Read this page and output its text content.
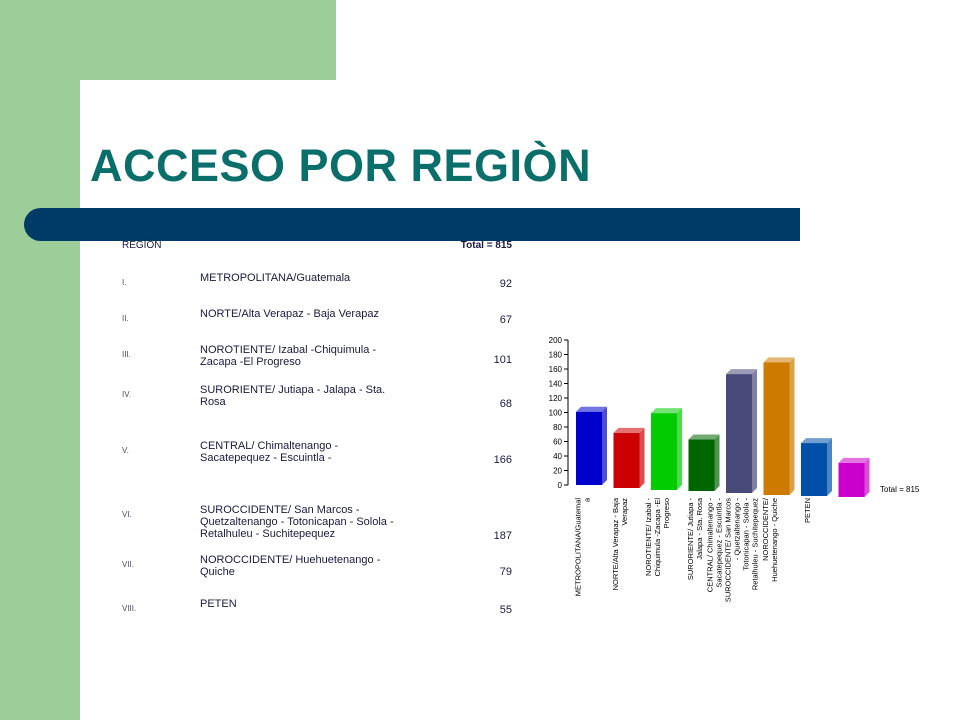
ACCESO POR REGIÒN
REGIÔN		Total = 815
I.	METROPOLITANA/Guatemala	92
II.	NORTE/Alta Verapaz - Baja Verapaz	67
III.	NOROTIENTE/ Izabal -Chiquimula -
Zacapa -El Progreso	101
IV.	SURORIENTE/ Jutiapa - Jalapa - Sta.
Rosa	68
V.	CENTRAL/ Chimaltenango -
Sacatepequez - Escuintla -	166
VI.	SUROCCIDENTE/ San Marcos -
Quetzaltenango - Totonicapan - Solola -
Retalhuleu - Suchitepequez	187
VII.	NOROCCIDENTE/ Huehuetenango -
Quiche	79
VIII.	PETEN	55
0
20
40
60
80
100
120
140
160
180
200
METROPOLITANA/Guatemala	NORTE/Alta Verapaz - BajaVerapaz NOROTIENTE/ Izabal -Chiquimula -Zacapa -ElProgreso SURORIENTE/ Jutiapa -Jalapa - Sta. Rosa CENTRAL/ Chimaltenango -Sacatepequez - Escuintla -SUROCCIDENTE/ San Marcos- Quetzaltenango -Totonicapan - Solola -Retalhuleu - Suchitepequez NOROCCIDENTE/Huehuetenango - Quiche	PETEN
Total = 815
